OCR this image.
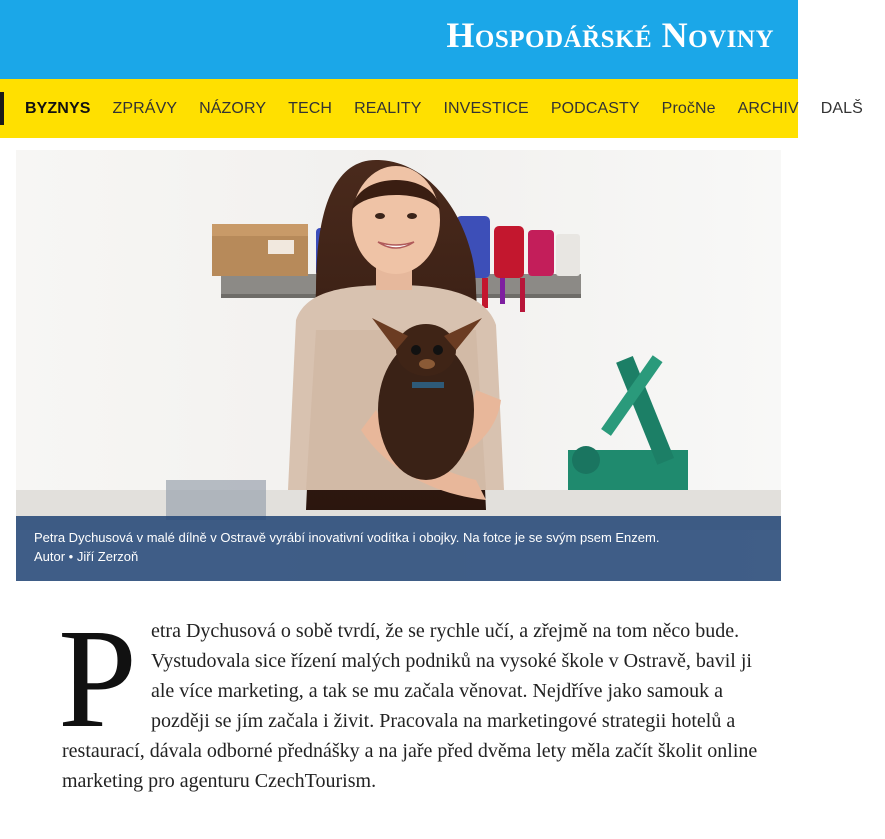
Hospodářské Noviny
BYZNYS ZPRÁVY NÁZORY TECH REALITY INVESTICE PODCASTY PročNe ARCHIV DALŠ
Petra Dychusová v malé dílně v Ostravě vyrábí inovativní vodítka i obojky. Na fotce je se svým psem Enzem.
Autor • Jiří Zerzoň
Petra Dychusová o sobě tvrdí, že se rychle učí, a zřejmě na tom něco bude. Vystudovala sice řízení malých podniků na vysoké škole v Ostravě, bavil ji ale více marketing, a tak se mu začala věnovat. Nejdříve jako samouk a později se jím začala i živit. Pracovala na marketingové strategii hotelů a restaurací, dávala odborné přednášky a na jaře před dvěma lety měla začít školit online marketing pro agenturu CzechTourism.
